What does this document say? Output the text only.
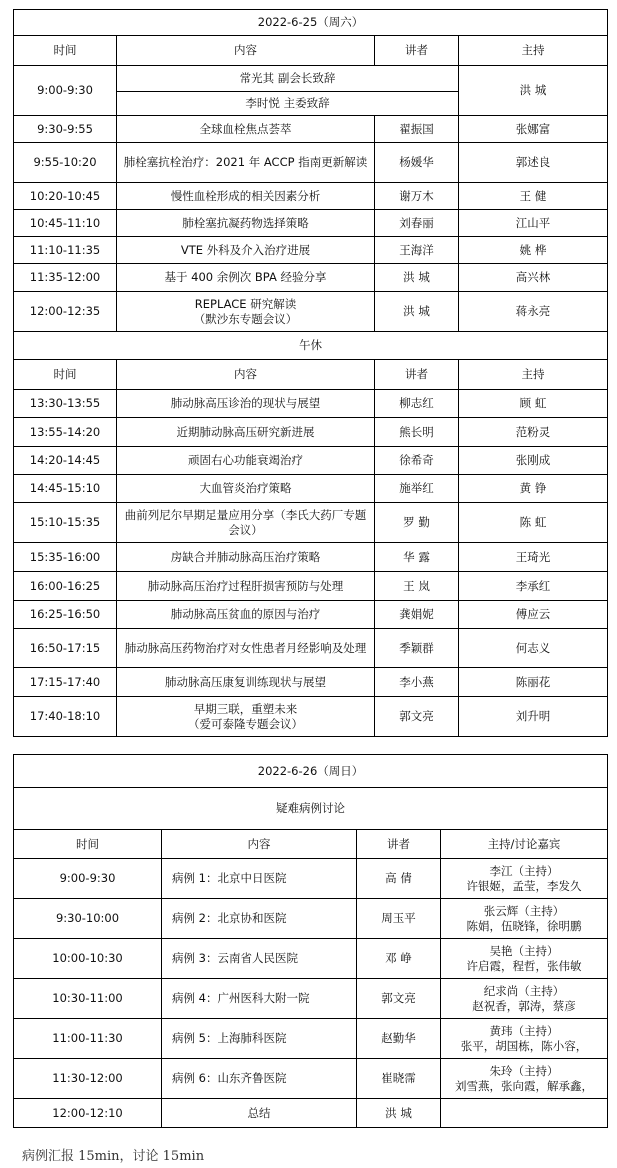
2022-6-25（周六）			
时间	内容	讲者	主持
9:00-9:30	常光其 副会长致辞		洪 城
	李时悦 主委致辞		
9:30-9:55	全球血栓焦点荟萃	翟振国	张娜富
9:55-10:20	肺栓塞抗栓治疗：2021 年 ACCP 指南更新解读	杨媛华	郭述良
10:20-10:45	慢性血栓形成的相关因素分析	谢万木	王 健
10:45-11:10	肺栓塞抗凝药物选择策略	刘春丽	江山平
11:10-11:35	VTE 外科及介入治疗进展	王海洋	姚 桦
11:35-12:00	基于 400 余例次 BPA 经验分享	洪 城	高兴林
12:00-12:35	REPLACE 研究解读
（默沙东专题会议）	洪 城	蒋永亮
午休			
时间	内容	讲者	主持
13:30-13:55	肺动脉高压诊治的现状与展望	柳志红	顾 虹
13:55-14:20	近期肺动脉高压研究新进展	熊长明	范粉灵
14:20-14:45	顽固右心功能衰竭治疗	徐希奇	张刚成
14:45-15:10	大血管炎治疗策略	施举红	黄 铮
15:10-15:35	曲前列尼尔早期足量应用分享（李氏大药厂专题会议）	罗 勤	陈 虹
15:35-16:00	房缺合并肺动脉高压治疗策略	华 露	王琦光
16:00-16:25	肺动脉高压治疗过程肝损害预防与处理	王 岚	李承红
16:25-16:50	肺动脉高压贫血的原因与治疗	龚娟妮	傅应云
16:50-17:15	肺动脉高压药物治疗对女性患者月经影响及处理	季颖群	何志义
17:15-17:40	肺动脉高压康复训练现状与展望	李小燕	陈丽花
17:40-18:10	早期三联，重塑未来
（爱可泰隆专题会议）	郭文亮	刘升明
2022-6-26（周日）			
疑难病例讨论			
时间	内容	讲者	主持/讨论嘉宾
9:00-9:30	病例 1：北京中日医院	高 倩	李江（主持）
许银姬，孟莹，李发久

9:30-10:00	病例 2：北京协和医院	周玉平	张云辉（主持）
陈娟，伍晓锋，徐明鹏

10:00-10:30	病例 3：云南省人民医院	邓 峥	吴艳（主持）
许启霞，程哲，张伟敏

10:30-11:00	病例 4：广州医科大附一院	郭文亮	纪求尚（主持）
赵祝香，郭涛，蔡彦

11:00-11:30	病例 5：上海肺科医院	赵勤华	黄玮（主持）
张平，胡国栋，陈小容，

11:30-12:00	病例 6：山东齐鲁医院	崔晓霈	朱玲（主持）
刘雪燕，张向霞，解承鑫，

12:00-12:10	总结	洪 城	
病例汇报 15min，讨论 15min
